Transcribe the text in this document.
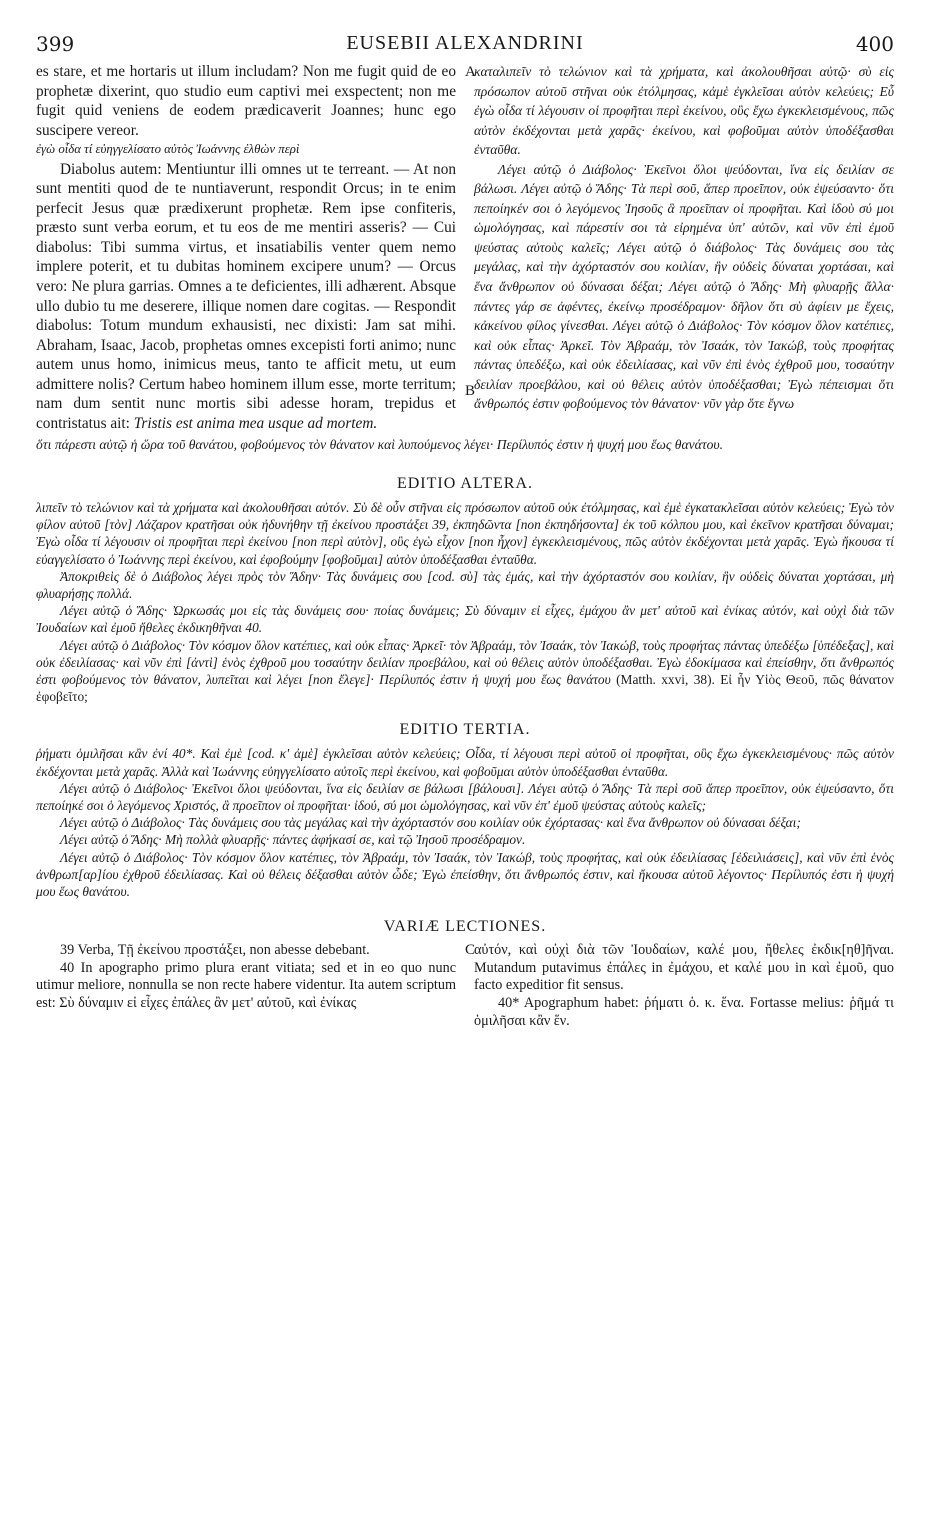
399	EUSEBII ALEXANDRINI	400

es stare, et me hortaris ut illum includam? Non me fugit quid de eo prophetæ dixerint, quo studio eum captivi mei exspectent; non me fugit quid veniens de eodem prædicaverit Joannes; hunc ego suscipere vereor.

ἐγὼ οἶδα τί εὐηγγελίσατο αὐτὸς Ἰωάννης ἐλθὼν περὶ

Diabolus autem: Mentiuntur illi omnes ut te terreant. — At non sunt mentiti quod de te nuntiaverunt, respondit Orcus; in te enim perfecit Jesus quæ prædixerunt prophetæ. Rem ipse confiteris, præsto sunt verba eorum, et tu eos de me mentiri asseris? — Cui diabolus: Tibi summa virtus, et insatiabilis venter quem nemo implere poterit, et tu dubitas hominem excipere unum? — Orcus vero: Ne plura garrias. Omnes a te deficientes, illi adhærent. Absque ullo dubio tu me deserere, illique nomen dare cogitas. — Respondit diabolus: Totum mundum exhausisti, nec dixisti: Jam sat mihi. Abraham, Isaac, Jacob, prophetas omnes excepisti forti animo; nunc autem unus homo, inimicus meus, tanto te afficit metu, ut eum admittere nolis? Certum habeo hominem illum esse, morte territum; nam dum sentit nunc mortis sibi adesse horam, trepidus et contristatus ait: Tristis est anima mea usque ad mortem.

καταλιπεῖν τὸ τελώνιον καὶ τὰ χρήματα, καὶ ἀκολουθῆσαι αὐτῷ· σὺ εἰς πρόσωπον αὐτοῦ στῆναι οὐκ ἐτόλμησας, κἀμὲ ἐγκλεῖσαι αὐτὸν κελεύεις; Εὖ ἐγὼ οἶδα τί λέγουσιν οἱ προφῆται περὶ ἐκείνου, οὓς ἔχω ἐγκεκλεισμένους, πῶς αὐτὸν ἐκδέχονται μετὰ χαρᾶς· ἐκείνου, καὶ φοβοῦμαι αὐτὸν ὑποδέξασθαι ἐνταῦθα.

Λέγει αὐτῷ ὁ Διάβολος· Ἐκεῖνοι ὅλοι ψεύδονται, ἵνα εἰς δειλίαν σε βάλωσι. Λέγει αὐτῷ ὁ Ἅδης· Τὰ περὶ σοῦ, ἅπερ προεῖπον, οὐκ ἐψεύσαντο· ὅτι πεποίηκέν σοι ὁ λεγόμενος Ἰησοῦς ἃ προεῖπαν οἱ προφῆται. Καὶ ἰδοὺ σύ μοι ὡμολόγησας, καὶ πάρεστίν σοι τὰ εἰρημένα ὑπ' αὐτῶν, καὶ νῦν ἐπὶ ἐμοῦ ψεύστας αὐτοὺς καλεῖς; Λέγει αὐτῷ ὁ διάβολος· Τὰς δυνάμεις σου τὰς μεγάλας, καὶ τὴν ἀχόρταστόν σου κοιλίαν, ἣν οὐδεὶς δύναται χορτάσαι, καὶ ἕνα ἄνθρωπον οὐ δύνασαι δέξαι; Λέγει αὐτῷ ὁ Ἅδης· Μὴ φλυαρῇς ἄλλα· πάντες γάρ σε ἀφέντες, ἐκείνῳ προσέδραμον· δῆλον ὅτι σὺ ἀφίειν με ἔχεις, κἀκείνου φίλος γίνεσθαι. Λέγει αὐτῷ ὁ Διάβολος· Τὸν κόσμον ὅλον κατέπιες, καὶ οὐκ εἶπας· Ἀρκεῖ. Τὸν Ἀβραάμ, τὸν Ἰσαάκ, τὸν Ἰακώβ, τοὺς προφήτας πάντας ὑπεδέξω, καὶ οὐκ ἐδειλίασας, καὶ νῦν ἐπὶ ἑνὸς ἐχθροῦ μου, τοσαύτην δειλίαν προεβάλου, καὶ οὐ θέλεις αὐτὸν ὑποδέξασθαι; Ἐγὼ πέπεισμαι ὅτι ἄνθρωπός ἐστιν φοβούμενος τὸν θάνατον· νῦν γὰρ ὅτε ἔγνω

A
B

ὅτι πάρεστι αὐτῷ ἡ ὥρα τοῦ θανάτου, φοβούμενος τὸν θάνατον καὶ λυπούμενος λέγει· Περίλυπός ἐστιν ἡ ψυχή μου ἕως θανάτου.

EDITIO ALTERA.

λιπεῖν τὸ τελώνιον καὶ τὰ χρήματα καὶ ἀκολουθῆσαι αὐτόν. Σὺ δὲ οὖν στῆναι εἰς πρόσωπον αὐτοῦ οὐκ ἐτόλμησας, καὶ ἐμὲ ἐγκατακλεῖσαι αὐτὸν κελεύεις; Ἐγὼ τὸν φίλον αὐτοῦ [τὸν] Λάζαρον κρατῆσαι οὐκ ἠδυνήθην τῇ ἐκείνου προστάξει 39, ἐκπηδῶντα [non ἐκπηδήσοντα] ἐκ τοῦ κόλπου μου, καὶ ἐκεῖνον κρατῆσαι δύναμαι; Ἐγὼ οἶδα τί λέγουσιν οἱ προφῆται περὶ ἐκείνου [non περὶ αὐτὸν], οὓς ἐγὼ εἶχον [non ἦχον] ἐγκεκλεισμένους, πῶς αὐτὸν ἐκδέχονται μετὰ χαρᾶς. Ἐγὼ ἤκουσα τί εὐαγγελίσατο ὁ Ἰωάννης περὶ ἐκείνου, καὶ ἐφοβούμην [φοβοῦμαι] αὐτὸν ὑποδέξασθαι ἐνταῦθα.

Ἀποκριθεὶς δὲ ὁ Διάβολος λέγει πρὸς τὸν Ἅδην· Τὰς δυνάμεις σου [cod. σὺ] τὰς ἐμάς, καὶ τὴν ἀχόρταστόν σου κοιλίαν, ἣν οὐδεὶς δύναται χορτάσαι, μὴ φλυαρήσῃς πολλά.

Λέγει αὐτῷ ὁ Ἅδης· Ὠρκωσάς μοι εἰς τὰς δυνάμεις σου· ποίας δυνάμεις; Σὺ δύναμιν εἰ εἶχες, ἐμάχου ἂν μετ' αὐτοῦ καὶ ἐνίκας αὐτόν, καὶ οὐχὶ διὰ τῶν Ἰουδαίων καὶ ἐμοῦ ἤθελες ἐκδικηθῆναι 40.

Λέγει αὐτῷ ὁ Διάβολος· Τὸν κόσμον ὅλον κατέπιες, καὶ οὐκ εἶπας· Ἀρκεῖ· τὸν Ἀβραάμ, τὸν Ἰσαάκ, τὸν Ἰακώβ, τοὺς προφήτας πάντας ὑπεδέξω [ὑπέδεξας], καὶ οὐκ ἐδειλίασας· καὶ νῦν ἐπὶ [ἀντὶ] ἑνὸς ἐχθροῦ μου τοσαύτην δειλίαν προεβάλου, καὶ οὐ θέλεις αὐτὸν ὑποδέξασθαι. Ἐγὼ ἐδοκίμασα καὶ ἐπείσθην, ὅτι ἄνθρωπός ἐστι φοβούμενος τὸν θάνατον, λυπεῖται καὶ λέγει [non ἔλεγε]· Περίλυπός ἐστιν ἡ ψυχή μου ἕως θανάτου (Matth. xxvi, 38). Εἰ ἦν Υἱὸς Θεοῦ, πῶς θάνατον ἐφοβεῖτο;

EDITIO TERTIA.

ῥήματι ὁμιλῆσαι κἂν ἐνί 40*. Καὶ ἐμὲ [cod. κ' ἀμὲ] ἐγκλεῖσαι αὐτὸν κελεύεις; Οἶδα, τί λέγουσι περὶ αὐτοῦ οἱ προφῆται, οὓς ἔχω ἐγκεκλεισμένους· πῶς αὐτὸν ἐκδέχονται μετὰ χαρᾶς. Ἀλλὰ καὶ Ἰωάννης εὐηγγελίσατο αὐτοῖς περὶ ἐκείνου, καὶ φοβοῦμαι αὐτὸν ὑποδέξασθαι ἐνταῦθα.

Λέγει αὐτῷ ὁ Διάβολος· Ἐκεῖνοι ὅλοι ψεύδονται, ἵνα εἰς δειλίαν σε βάλωσι [βάλουσι]. Λέγει αὐτῷ ὁ Ἅδης· Τὰ περὶ σοῦ ἅπερ προεῖπον, οὐκ ἐψεύσαντο, ὅτι πεποίηκέ σοι ὁ λεγόμενος Χριστός, ἃ προεῖπον οἱ προφῆται· ἰδού, σύ μοι ὡμολόγησας, καὶ νῦν ἐπ' ἐμοῦ ψεύστας αὐτοὺς καλεῖς;

Λέγει αὐτῷ ὁ Διάβολος· Τὰς δυνάμεις σου τὰς μεγάλας καὶ τὴν ἀχόρταστόν σου κοιλίαν οὐκ ἐχόρτασας· καὶ ἕνα ἄνθρωπον οὐ δύνασαι δέξαι;

Λέγει αὐτῷ ὁ Ἅδης· Μὴ πολλὰ φλυαρῇς· πάντες ἀφήκασί σε, καὶ τῷ Ἰησοῦ προσέδραμον.

Λέγει αὐτῷ ὁ Διάβολος· Τὸν κόσμον ὅλον κατέπιες, τὸν Ἀβραάμ, τὸν Ἰσαάκ, τὸν Ἰακώβ, τοὺς προφήτας, καὶ οὐκ ἐδειλίασας [ἐδειλιάσεις], καὶ νῦν ἐπὶ ἑνὸς ἀνθρωπ[αρ]ίου ἐχθροῦ ἐδειλίασας. Καὶ οὐ θέλεις δέξασθαι αὐτὸν ὧδε; Ἐγὼ ἐπείσθην, ὅτι ἄνθρωπός ἐστιν, καὶ ἤκουσα αὐτοῦ λέγοντος· Περίλυπός ἐστι ἡ ψυχή μου ἕως θανάτου.

VARIÆ LECTIONES.

39 Verba, Τῇ ἐκείνου προστάξει, non abesse debebant.

40 In apographo primo plura erant vitiata; sed et in eo quo nunc utimur meliore, nonnulla se non recte habere videntur. Ita autem scriptum est: Σὺ δύναμιν εἰ εἶχες ἐπάλες ἂν μετ' αὐτοῦ, καὶ ἐνίκας

αὐτόν, καὶ οὐχὶ διὰ τῶν Ἰουδαίων, καλέ μου, ἤθελες ἐκδικ[ηθ]ῆναι. Mutandum putavimus ἐπάλες in ἐμάχου, et καλέ μου in καὶ ἐμοῦ, quo facto expeditior fit sensus.

40* Apographum habet: ῥήματι ὁ. κ. ἕνα. Fortasse melius: ῥῆμά τι ὁμιλῆσαι κἂν ἕν.

C
